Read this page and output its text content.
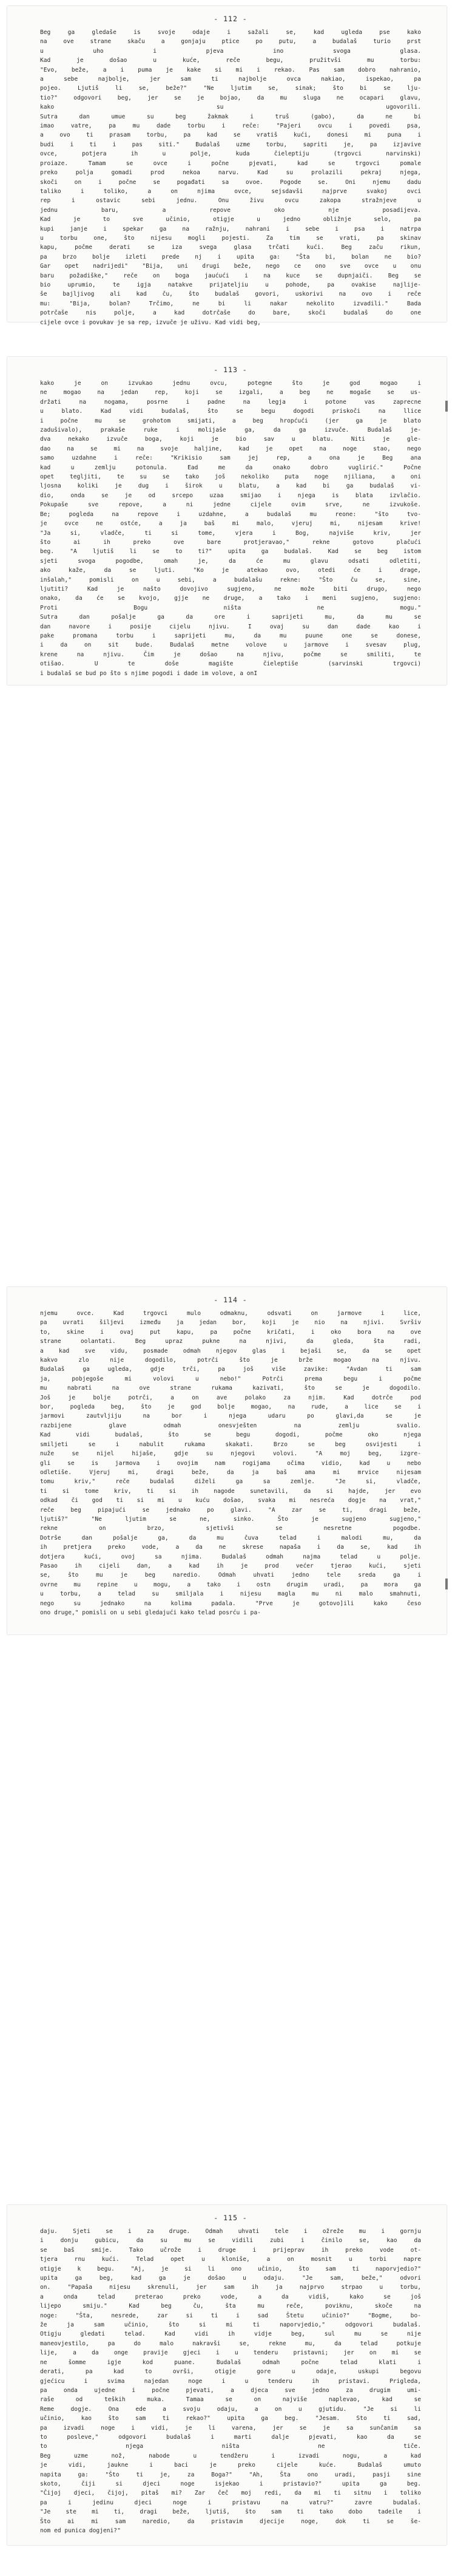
- 112 -
Beg ga gledaše is svoje odaje i sažali se, kad ugleda pse kako
na ove strane skaču a gonjaju ptice po putu, a budalaš turio prst
u uho i pjeva ino svoga glasa.
Kad je došao u kuće, reče begu, pružitvši mu torbu:
"Evo, beže, a i puma je kake si mi i rekao. Pas sam dobro nahranio,
a sebe najbolje, jer sam ti najbolje ovca nakiao, ispekao, pa
pojeo. Ljutiš li se, beže?" "Ne ljutim se, sinak; što bi se lju-
tio?" odgovori beg, jer se je bojao, da mu sluga ne ocapari glavu,
kako su ugovorili.
Sutra dan umue su beg žakmak i truš (gabo), da ne bi
imao vatre, pa mu dade torbu i reče: "Pajeri ovcu i povedi psa,
a ovo ti prasam torbu, pa kad se vratiš kući, donesi mi puna i
budi i ti i pas siti." Budalaš uzme torbu, sapriti je, pa izjavive
ovce, potjera ih u polje, kuda čieleptiju (trgovci narvinski)
proiaze. Tamam se ovce i počne pjevati, kad se trgovci pomale
preko polja gomadi prod nekoa narvu. Kad su prolazili pekraj njega,
skoči on i počne se pogađati sa ovoe. Pogode se. Oni njemu dadu
taliko i toliko, a on njima ovce, sejsdavši najprve svakoj ovci
rep i ostavic sebi jednu. Onu živu ovcu zakopa stražnjeve u
jednu baru, a repove oko nje posadijeva.
Kad je to sve učinio, otigje u jedno obližnje selo, pa
kupi janje i spekar ga na ražnju, nahrani i sebe i psa i natrpa
u torbu one, što nijesu mogli pojesti. Za tim se vrati, pa skinav
kapu, počme derati se iza svega glasa trčati kući. Beg začu rikun,
pa brzo bolje izleti prede nj i upita ga: "Šta bi, bolan ne bio?
Gar opet nadrijedi" "Bija, uni drugi beže, nego ce ono sve ovce u onu
baru požadiške," reče on boga jaućući i na kuce se dupnjaiči. Beg se
bio uprumio, te igja natakve prijateljiu u pohode, pa ovakise najlije-
še bajljivog ali kad ču, što budalaš govori, uskorivi na ovo i reče
mu: "Bija, bolan? Trčimo, ne bi li nakar nekolito izvadili." Bada
potrčaše nis polje, a kad dotrčaše do bare, skoči budalaš do one
cijele ovce i povukav je sa rep, izvuče je uživu. Kad vidi beg,
- 113 -
kako je on izvukao jednu ovcu, potegne što je god mogao i
ne mogao na jedan rep, koji se izgali, a beg ne mogaše se us-
držati na nogama, posrne i padne na legja i potone vas zaprecne
u blato. Kad vidi budalaš, što se begu dogodi priskoči na llice
i počne mu se grohotom smijati, a beg hropćući (jer ga je blato
zadušivalo), prakaše ruke i molijaše ga, da ga izvuče. Budalaš je-
dva nekako izvuče boga, koji je bio sav u blatu. Niti je gle-
dao na se mi na svoje haljine, kad je opet na noge stao, nego
samo uzdahne i reče: "Krikisio sam jej rep, a ona je Beg ana
kad u zemlju potonula. Ead me da onako dobro vuglirić." Počne
opet tegljiti, te su se tako još nekoliko puta noge njiliana, a oni
ljosna koliki je dug i širok u blatu, a kad bi ga budalaš vi-
dio, onda se je od srcepo uzaa smijao i njega is blata izvlačio.
Pokupaše sve repove, a ni jedne cijele ovim srve, ne izvukoše.
Be; pogleda na repove i uzdahne, a budalaš mu reone: "što tvo-
je ovce ne ostće, a ja baš mi malo, vjeruj mi, nijesam krive!
"Ja si, vladče, ti si tome, vjera i Bog, najviše kriv, jer
što ai ih preko ove bare protjeravao," rekne gotovo plačući
beg. "A ljutiš li se to ti?" upita ga budalaš. Kad se beg istom
sjeti svoga pogodbe, omah je, da će mu glavu odsati odletiti,
ako kaže, da se ljuti. "Ko je atekao ovo, otedi će i drage,
inšalah," pomisli on u sebi, a budalašu rekne: "Što ču se, sine,
ljutiti? Kad je našto dovojivo sugjeno, ne može biti drugo, nego
onako, da će se kvojo, gjje ne druge, a tako i meni sugjeno, sugjeno:
Proti Bogu ništa ne mogu."
Sutra dan pošalje ga da ore i saprijeti mu, da mu se
dan navore i posije cijelu njivu. I ovaj su dan dade kao i
pake promana torbu i saprijeti mu, da mu puune one se donese,
i da on sit bude. Budalaš metne volove u jarmove i svesav plug,
krene na njivu. Čim je došao na njivu, počme se smiliti, te
otišao. U te doše magište čieleptiše (sarvinski trgovci)
i budalaš se bud po što s njime pogodi i dade im volove, a onI
- 114 -
njemu ovce. Kad trgovci mulo odmaknu, odsvati on jarmove i lice,
pa uvrati šiljevi između ja jedan bor, koji je nio na njivi. Svršiv
to, skine i ovaj put kapu, pa počne kričati, i oko bora na ove
strane oolantati. Beg upraz pukne na njivi, da gleda, šta radi,
a kad sve vidu, posmade odmah njegov glas i bejaši se, da se opet
kakvo zlo nije dogodilo, potrči što je brže mogao na njivu.
Budalaš ga ugleda, gdje trči, pa još više zavike: "Avdan ti sam
ja, pobjegoše mi volovi u nebo!" Potrči prema begu i počme
mu nabrati na ove strane rukama kazivati, što se je dogodilo.
Još je bolje potrči, a on ave polako za njim. Kad dotrče pod
bor, pogleda beg, što je god bolje mogao, na rude, a lice se i
jarmovi zautvljiju na bor i njega udaru po glavi,da se je
razbijene glave odmah onesvješten na zemlju svalio.
Kad vidi budalaš, što se begu dogodi, počme oko njega
smiljeti se i nabulit rukama skakati. Brzo se beg osvijesti i
nuže se nijel hijaše, gdje su njegovi volovi. "A moj beg, izgre-
gli se is jarmova i ovojim nam rogijama očima vidio, kad u nebo
odletiše. Vjeruj mi, dragi beže, da ja baš ama mi mrvice nijesam
tomu kriv," reče budalaš diželi ga sa zemlje. "Je si, vladče,
ti si tome kriv, ti si ih nagode sunetavili, da si hajde, jer evo
odkad či god ti si mi u kuću došao, svaka mi nesreća dogje na vrat,"
reče beg pipajući se jednako po glavi. "A zar se ti, dragi beže,
ljutiš?" "Ne ljutim se ne, sinko. Što je sugjeno sugjeno,"
rekne on brzo, sjetivši se nesretne pogodbe.
Dotrše dan pošalje ga, da mu čuva telad i malodi mu, da
ih pretjera preko vode, a da ne skrese napaša i da se, kad ih
dotjera kući, ovoj sa njima. Budalaš odmah najma telad u polje.
Pasao ih cijeli dan, a kad ih je prod većer tjerao kući, sjeti
se, što mu je beg naredio. Odmah uhvati jedno tele sreda ga i
ovrne mu repine u mogu, a tako i ostn drugim uradi, pa mora ga
u torbu, a telad su smiljala i nijesu magla mu ni malo smahnuti,
nego su jednako na kolima padala. "Prve je gotovo]ili kako česo
ono druge," pomisli on u sebi gledajući kako telad posrću i pa-
- 115 -
daju. Sjeti se i za druge. Odmah uhvati tele i ožreže mu i gornju
i donju gubicu, da su mu se vidili zubi i činilo se, kao da
se baš smije. Tako učrože i druge i prijeprav ih preko vode ot-
tjera rnu kući. Telad opet u kloniše, a on mosnit u torbi napre
otigje k begu. "Aj, je si li ono učinio, što sam ti naporvjedio?"
upita ga beg, kad ga je došao u odaju. "Je sam, beže," odvori
on. "Papaša nijesu skrenuli, jer sam ih ja najprvo strpao u torbu,
a onda telad preterao preko vode, a da vidiš, kako se još
lijepo smiju." Kad beg ču, šta mu reče, poviknu, skoče na
noge: "Šta, nesrede, zar si ti i sad Štetu učinio?" "Bogme, bo-
že ja sam učinio, što si mi ti naporvjedio," odgovori budalaš.
Otigju gledati telad. Kad vidi ih vidje beg, sul mu se nije
maneovjestilo, pa do malo nakravši se, rekne mu, da telad potkuje
lije, a da onge pravije gjeci i u tenderu pristavni; jer on mi se
ne šomme igje kod puane. Budalaš odmah počne telad klati i
derati, pa kad to ovrši, otigje gore u odaje, uskupi begovu
gjećicu i svima najedan noge i u tenderu ih pristavi. Prigleda,
pa onda ujedne i počne pjevati, a djeca sve jedno za drugim umi-
raše od teških muka. Tamaa se on najviše naplevao, kad se
Reme dogje. Ona ede a svoju odaju, a on u gjutidu. "Je si li
učinio, kao što sam ti rekao?" upita ga beg. "Jesam. Sto ti sad,
pa izvadi noge i vidi, je li varena, jer se je sa sunčanim sa
to posleve," odgovori budalaš i marti dalje pjevati, kao da se
to njega ništa ne tiče.
Beg uzme nož, nabode u tendžeru i izvadi nogu, a kad
je vidi, jaukne i baci je preko cijele kuće. Budalaš umuto
napita ga: "Što ti je, za Boga?" "Ah, Šta ono uradi, pasji sine
skoto, čiji si djeci noge isjekao i pristavio?" upita ga beg.
"Čijoj djeci, čijoj, pitaš mi? Zar čeč moj redi, da mi ti sitnu i toliko
pa i jedinu djeci noge i pristavu na vatru?" zavre budalaš.
"Je ste mi ti, dragi beže, ljutiš, što sam ti tako dobo tadeile i
Što ai mi sam naredio, da pristavim djecije noge, dok ti se še-
nom ed punica dogjeni?"
